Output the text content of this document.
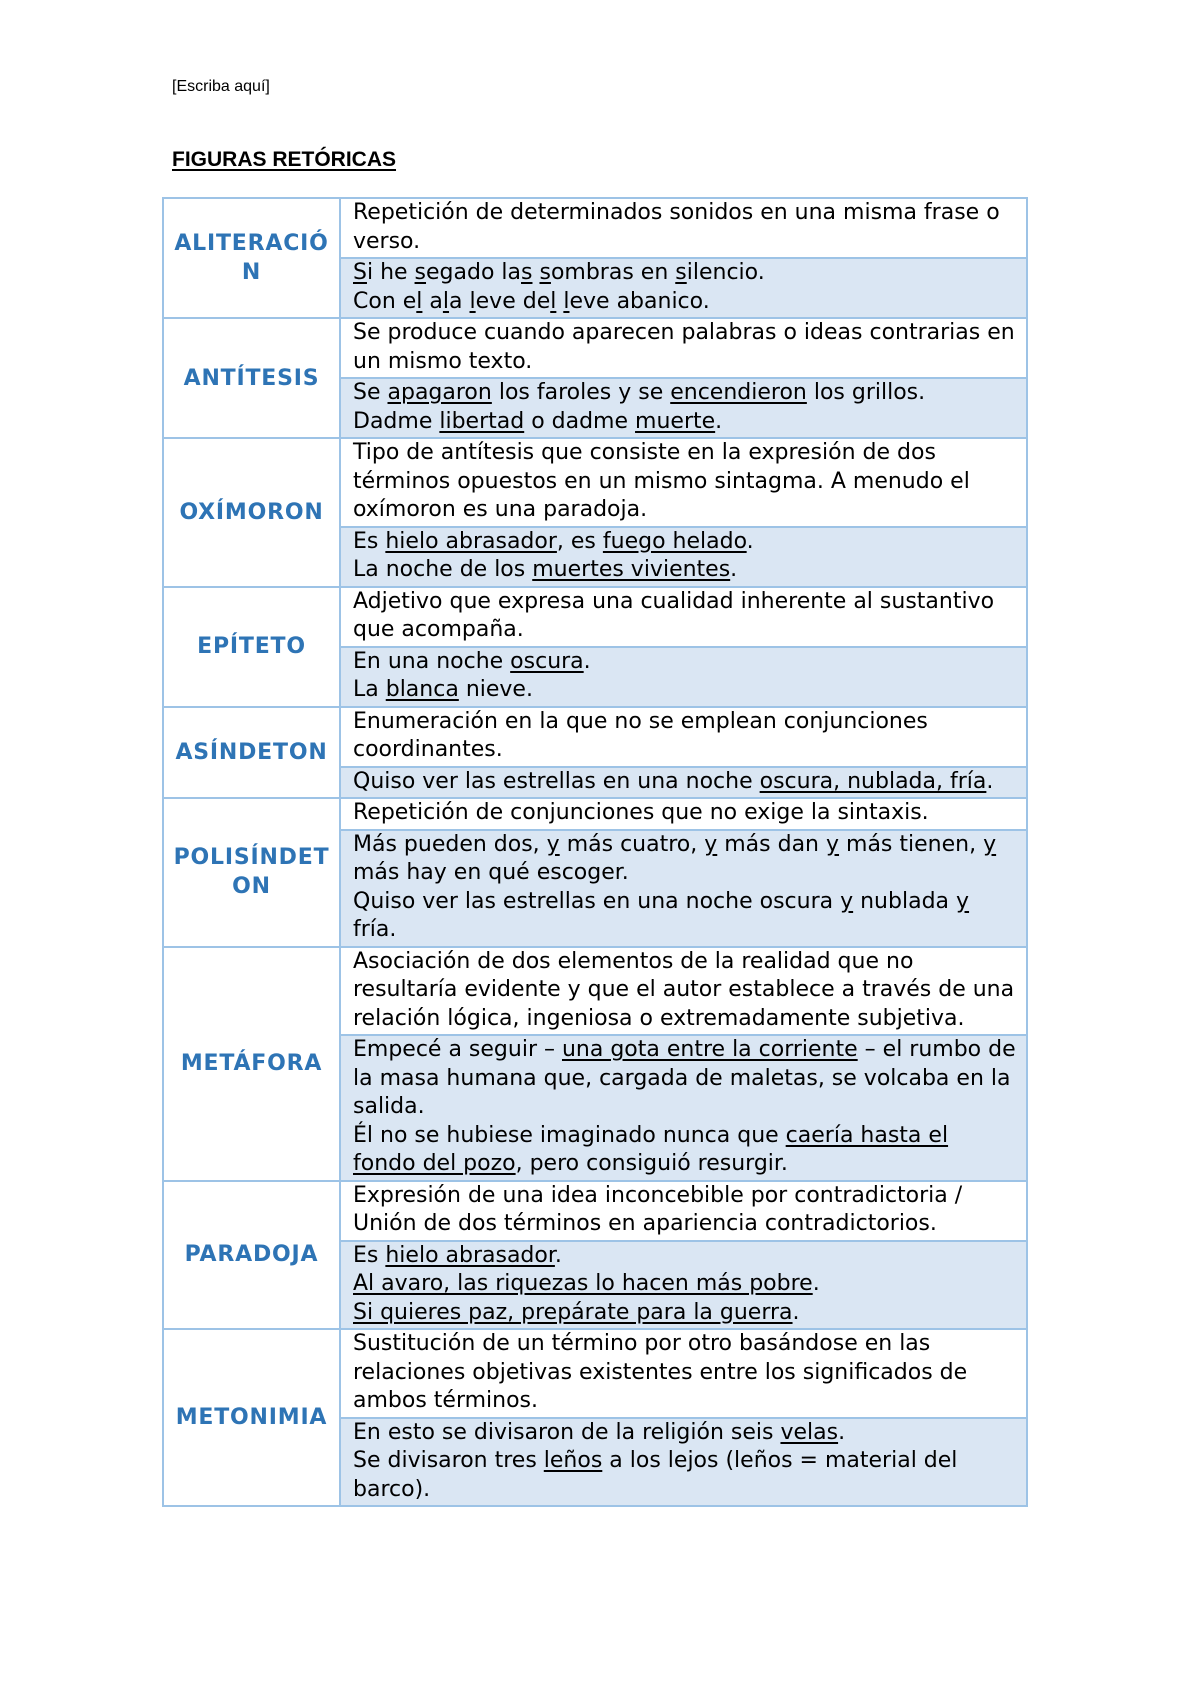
[Escriba aquí]
FIGURAS RETÓRICAS
ALITERACIÓN	Repetición de determinados sonidos en una misma frase o verso.

	Si he segado las sombras en silencio.
Con el ala leve del leve abanico.

ANTÍTESIS	Se produce cuando aparecen palabras o ideas contrarias en un mismo texto.

	Se apagaron los faroles y se encendieron los grillos.
Dadme libertad o dadme muerte.

OXÍMORON	Tipo de antítesis que consiste en la expresión de dos términos opuestos en un mismo sintagma. A menudo el oxímoron es una paradoja.

	Es hielo abrasador, es fuego helado.
La noche de los muertes vivientes.

EPÍTETO	Adjetivo que expresa una cualidad inherente al sustantivo que acompaña.

	En una noche oscura.
La blanca nieve.

ASÍNDETON	Enumeración en la que no se emplean conjunciones coordinantes.

	Quiso ver las estrellas en una noche oscura, nublada, fría.

POLISÍNDETON	Repetición de conjunciones que no exige la sintaxis.

	Más pueden dos, y más cuatro, y más dan y más tienen, y más hay en qué escoger.
Quiso ver las estrellas en una noche oscura y nublada y fría.

METÁFORA	Asociación de dos elementos de la realidad que no resultaría evidente y que el autor establece a través de una relación lógica, ingeniosa o extremadamente subjetiva.

	Empecé a seguir – una gota entre la corriente – el rumbo de la masa humana que, cargada de maletas, se volcaba en la salida.
Él no se hubiese imaginado nunca que caería hasta el fondo del pozo, pero consiguió resurgir.

PARADOJA	Expresión de una idea inconcebible por contradictoria / Unión de dos términos en apariencia contradictorios.

	Es hielo abrasador.
Al avaro, las riquezas lo hacen más pobre.
Si quieres paz, prepárate para la guerra.

METONIMIA	Sustitución de un término por otro basándose en las relaciones objetivas existentes entre los significados de ambos términos.

	En esto se divisaron de la religión seis velas.
Se divisaron tres leños a los lejos (leños = material del barco).
